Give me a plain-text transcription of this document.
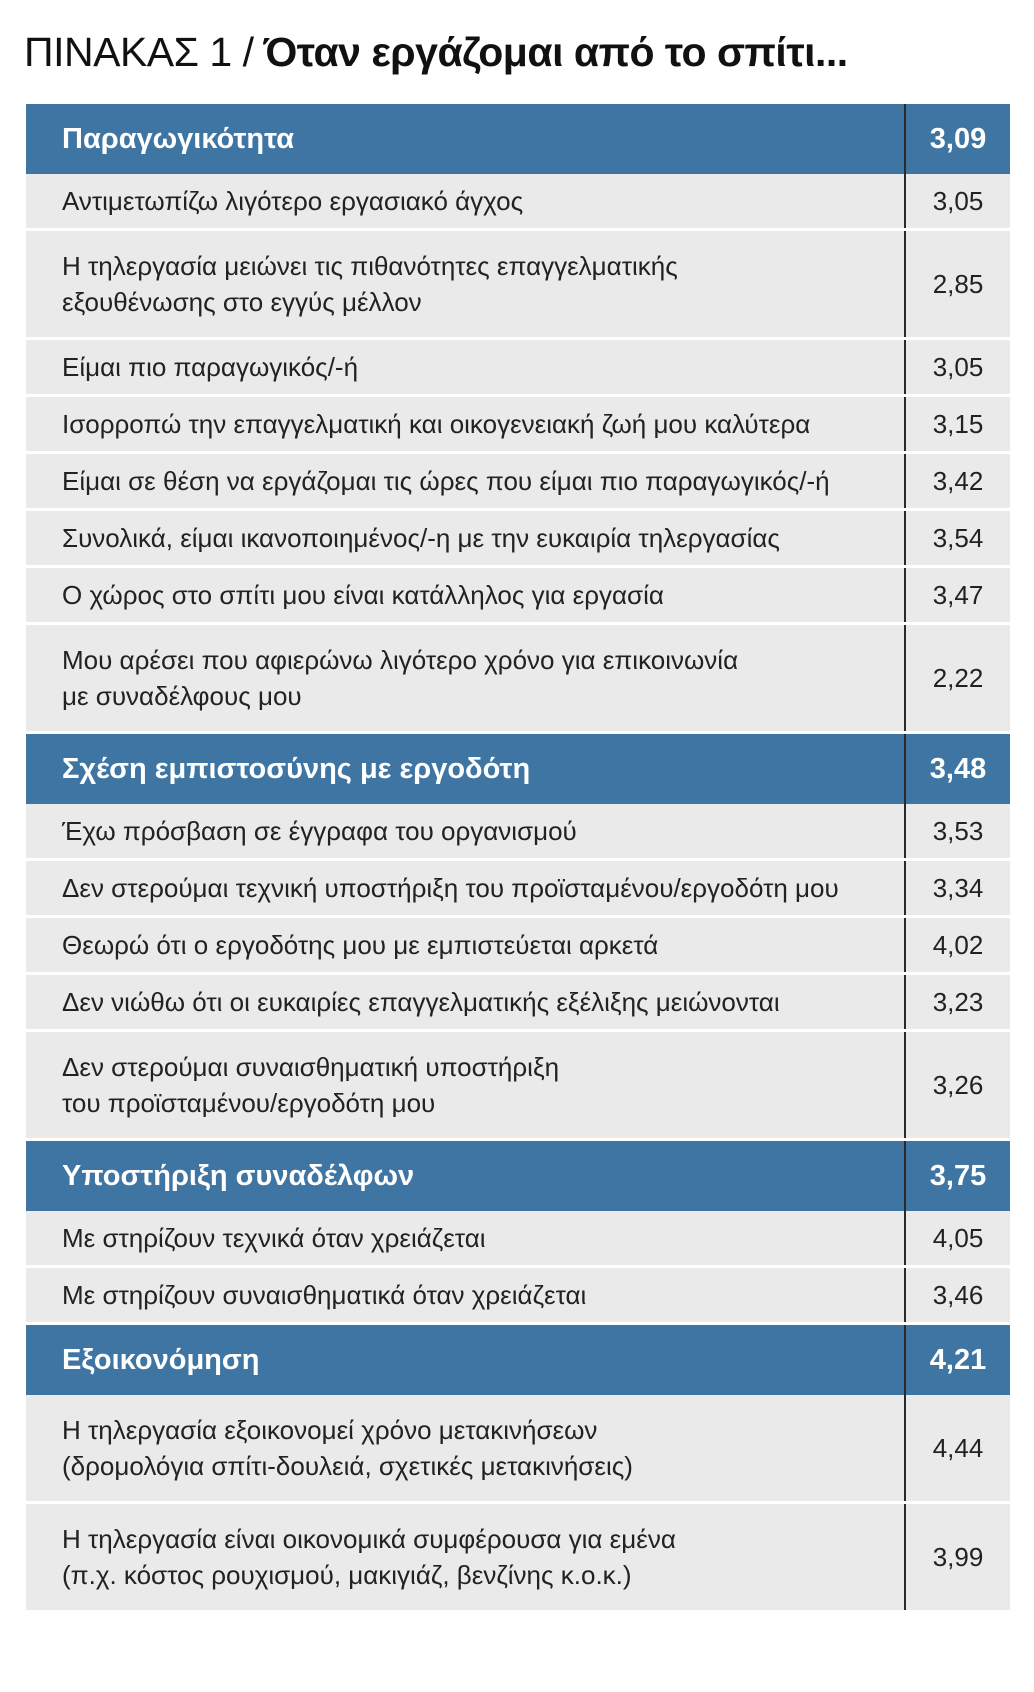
ΠΙΝΑΚΑΣ 1 / Όταν εργάζομαι από το σπίτι...
Παραγωγικότητα	3,09
Αντιμετωπίζω λιγότερο εργασιακό άγχος	3,05
Η τηλεργασία μειώνει τις πιθανότητες επαγγελματικής
εξουθένωσης στο εγγύς μέλλον
2,85
Είμαι πιο παραγωγικός/-ή	3,05
Ισορροπώ την επαγγελματική και οικογενειακή ζωή μου καλύτερα	3,15
Είμαι σε θέση να εργάζομαι τις ώρες που είμαι πιο παραγωγικός/-ή	3,42
Συνολικά, είμαι ικανοποιημένος/-η με την ευκαιρία τηλεργασίας	3,54
Ο χώρος στο σπίτι μου είναι κατάλληλος για εργασία	3,47
Μου αρέσει που αφιερώνω λιγότερο χρόνο για επικοινωνία
με συναδέλφους μου
2,22
Σχέση εμπιστοσύνης με εργοδότη	3,48
Έχω πρόσβαση σε έγγραφα του οργανισμού	3,53
Δεν στερούμαι τεχνική υποστήριξη του προϊσταμένου/εργοδότη μου	3,34
Θεωρώ ότι ο εργοδότης μου με εμπιστεύεται αρκετά	4,02
Δεν νιώθω ότι οι ευκαιρίες επαγγελματικής εξέλιξης μειώνονται	3,23
Δεν στερούμαι συναισθηματική υποστήριξη
του προϊσταμένου/εργοδότη μου
3,26
Υποστήριξη συναδέλφων	3,75
Με στηρίζουν τεχνικά όταν χρειάζεται	4,05
Με στηρίζουν συναισθηματικά όταν χρειάζεται	3,46
Εξοικονόμηση	4,21
Η τηλεργασία εξοικονομεί χρόνο μετακινήσεων
(δρομολόγια σπίτι-δουλειά, σχετικές μετακινήσεις)
4,44
Η τηλεργασία είναι οικονομικά συμφέρουσα για εμένα
(π.χ. κόστος ρουχισμού, μακιγιάζ, βενζίνης κ.ο.κ.)
3,99
